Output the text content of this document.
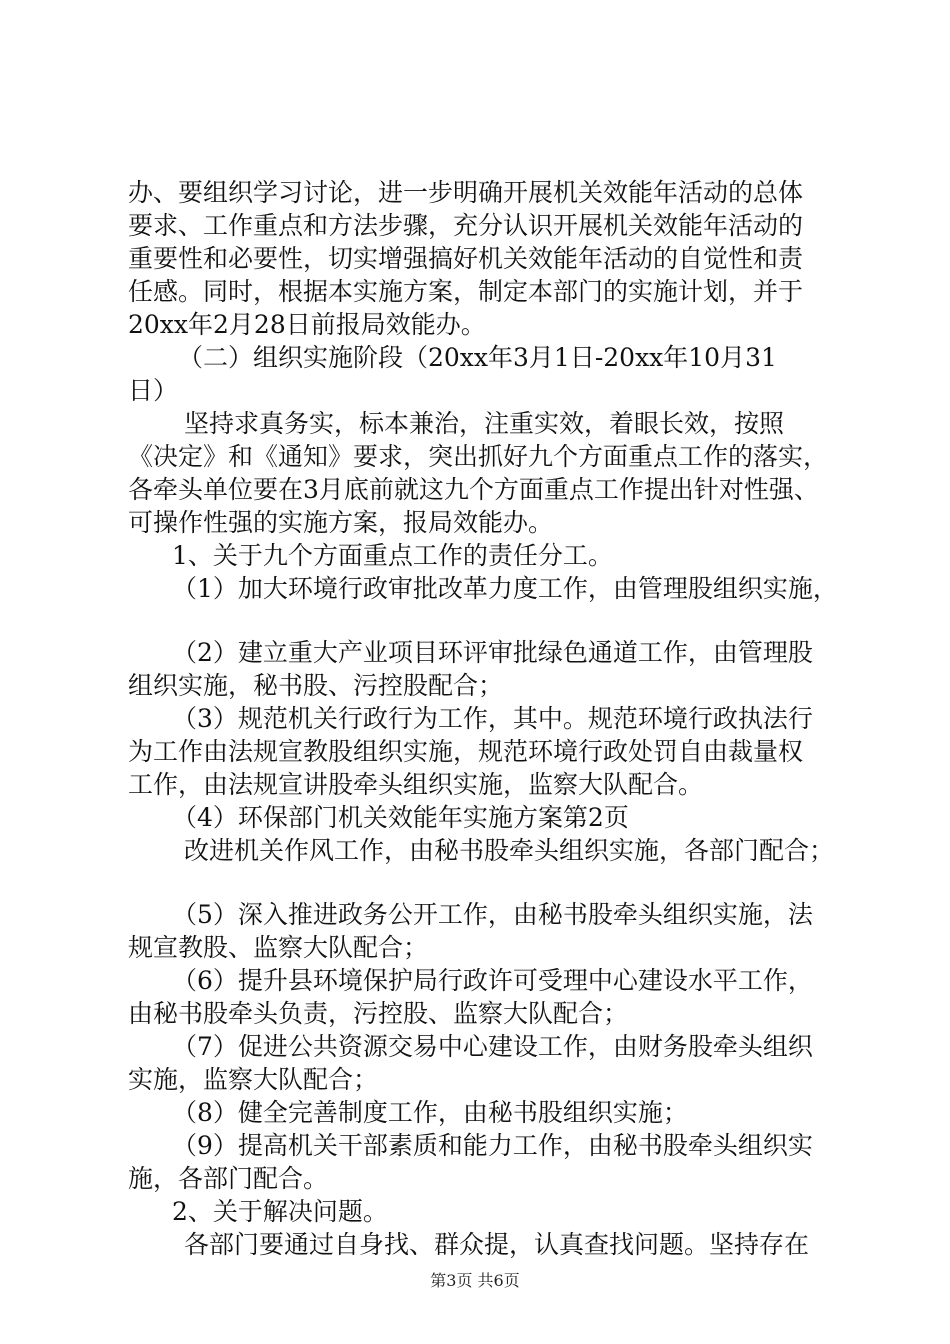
办、要组织学习讨论，进一步明确开展机关效能年活动的总体
要求、工作重点和方法步骤，充分认识开展机关效能年活动的
重要性和必要性，切实增强搞好机关效能年活动的自觉性和责
任感。同时，根据本实施方案，制定本部门的实施计划，并于
20xx年2月28日前报局效能办。
（二）组织实施阶段（20xx年3月1日-20xx年10月31
日）
坚持求真务实，标本兼治，注重实效，着眼长效，按照
《决定》和《通知》要求，突出抓好九个方面重点工作的落实，
各牵头单位要在3月底前就这九个方面重点工作提出针对性强、
可操作性强的实施方案，报局效能办。
1、关于九个方面重点工作的责任分工。
（1）加大环境行政审批改革力度工作，由管理股组织实施，
（2）建立重大产业项目环评审批绿色通道工作，由管理股
组织实施，秘书股、污控股配合；
（3）规范机关行政行为工作，其中。规范环境行政执法行
为工作由法规宣教股组织实施，规范环境行政处罚自由裁量权
工作，由法规宣讲股牵头组织实施，监察大队配合。
（4）环保部门机关效能年实施方案第2页
改进机关作风工作，由秘书股牵头组织实施，各部门配合；
（5）深入推进政务公开工作，由秘书股牵头组织实施，法
规宣教股、监察大队配合；
（6）提升县环境保护局行政许可受理中心建设水平工作，
由秘书股牵头负责，污控股、监察大队配合；
（7）促进公共资源交易中心建设工作，由财务股牵头组织
实施，监察大队配合；
（8）健全完善制度工作，由秘书股组织实施；
（9）提高机关干部素质和能力工作，由秘书股牵头组织实
施，各部门配合。
2、关于解决问题。
各部门要通过自身找、群众提，认真查找问题。坚持存在
第3页 共6页
